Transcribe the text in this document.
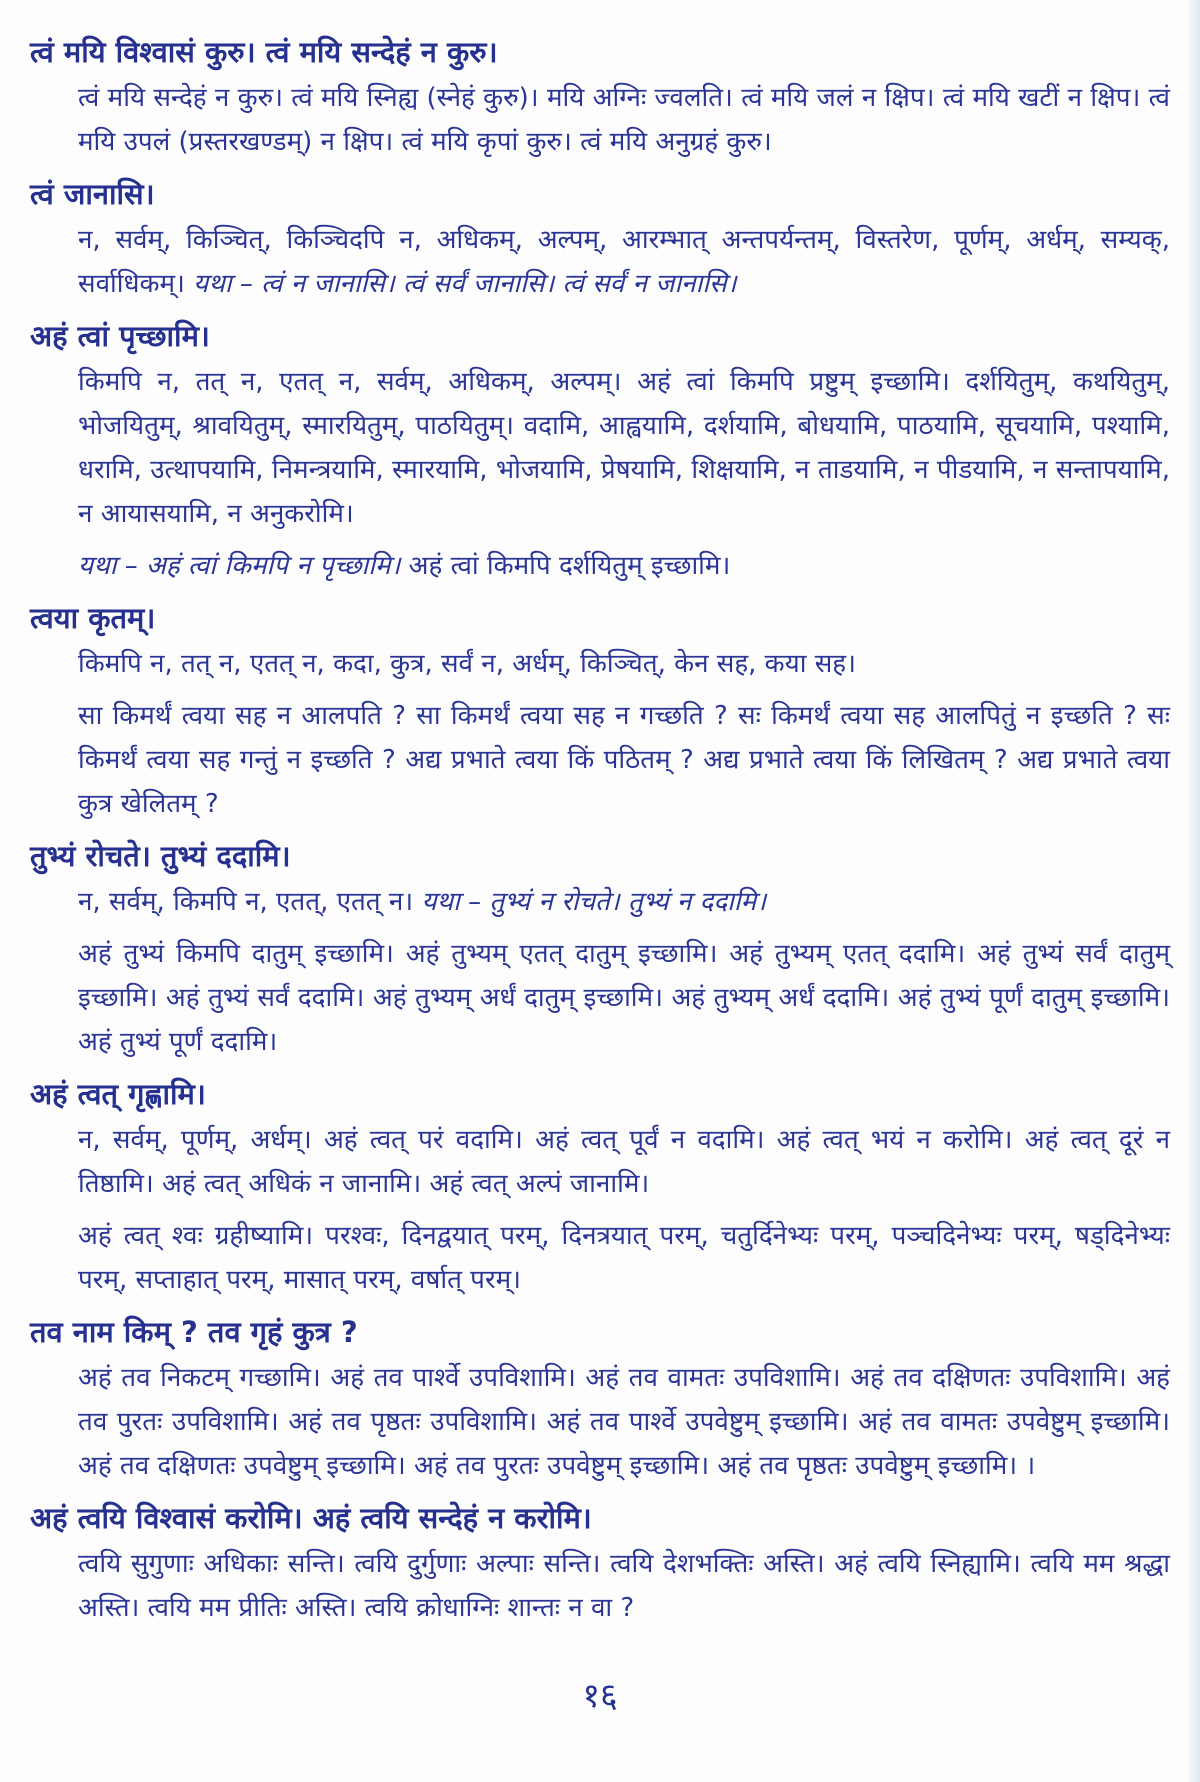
त्वं मयि विश्वासं कुरु। त्वं मयि सन्देहं न कुरु।
त्वं मयि सन्देहं न कुरु। त्वं मयि स्निह्य (स्नेहं कुरु)। मयि अग्निः ज्वलति। त्वं मयि जलं न क्षिप। त्वं मयि खटीं न क्षिप। त्वं मयि उपलं (प्रस्तरखण्डम्) न क्षिप। त्वं मयि कृपां कुरु। त्वं मयि अनुग्रहं कुरु।
त्वं जानासि।
न, सर्वम्, किञ्चित्, किञ्चिदपि न, अधिकम्, अल्पम्, आरम्भात् अन्तपर्यन्तम्, विस्तरेण, पूर्णम्, अर्धम्, सम्यक्, सर्वाधिकम्। यथा – त्वं न जानासि। त्वं सर्वं जानासि। त्वं सर्वं न जानासि।
अहं त्वां पृच्छामि।
किमपि न, तत् न, एतत् न, सर्वम्, अधिकम्, अल्पम्। अहं त्वां किमपि प्रष्टुम् इच्छामि। दर्शयितुम्, कथयितुम्, भोजयितुम्, श्रावयितुम्, स्मारयितुम्, पाठयितुम्। वदामि, आह्वयामि, दर्शयामि, बोधयामि, पाठयामि, सूचयामि, पश्यामि, धरामि, उत्थापयामि, निमन्त्रयामि, स्मारयामि, भोजयामि, प्रेषयामि, शिक्षयामि, न ताडयामि, न पीडयामि, न सन्तापयामि, न आयासयामि, न अनुकरोमि।
यथा – अहं त्वां किमपि न पृच्छामि। अहं त्वां किमपि दर्शयितुम् इच्छामि।
त्वया कृतम्।
किमपि न, तत् न, एतत् न, कदा, कुत्र, सर्वं न, अर्धम्, किञ्चित्, केन सह, कया सह।
सा किमर्थं त्वया सह न आलपति ? सा किमर्थं त्वया सह न गच्छति ? सः किमर्थं त्वया सह आलपितुं न इच्छति ? सः किमर्थं त्वया सह गन्तुं न इच्छति ? अद्य प्रभाते त्वया किं पठितम् ? अद्य प्रभाते त्वया किं लिखितम् ? अद्य प्रभाते त्वया कुत्र खेलितम् ?
तुभ्यं रोचते। तुभ्यं ददामि।
न, सर्वम्, किमपि न, एतत्, एतत् न। यथा – तुभ्यं न रोचते। तुभ्यं न ददामि।
अहं तुभ्यं किमपि दातुम् इच्छामि। अहं तुभ्यम् एतत् दातुम् इच्छामि। अहं तुभ्यम् एतत् ददामि। अहं तुभ्यं सर्वं दातुम् इच्छामि। अहं तुभ्यं सर्वं ददामि। अहं तुभ्यम् अर्धं दातुम् इच्छामि। अहं तुभ्यम् अर्धं ददामि। अहं तुभ्यं पूर्णं दातुम् इच्छामि। अहं तुभ्यं पूर्णं ददामि।
अहं त्वत् गृह्णामि।
न, सर्वम्, पूर्णम्, अर्धम्। अहं त्वत् परं वदामि। अहं त्वत् पूर्वं न वदामि। अहं त्वत् भयं न करोमि। अहं त्वत् दूरं न तिष्ठामि। अहं त्वत् अधिकं न जानामि। अहं त्वत् अल्पं जानामि।
अहं त्वत् श्वः ग्रहीष्यामि। परश्वः, दिनद्वयात् परम्, दिनत्रयात् परम्, चतुर्दिनेभ्यः परम्, पञ्चदिनेभ्यः परम्, षड्दिनेभ्यः परम्, सप्ताहात् परम्, मासात् परम्, वर्षात् परम्।
तव नाम किम् ? तव गृहं कुत्र ?
अहं तव निकटम् गच्छामि। अहं तव पार्श्वे उपविशामि। अहं तव वामतः उपविशामि। अहं तव दक्षिणतः उपविशामि। अहं तव पुरतः उपविशामि। अहं तव पृष्ठतः उपविशामि। अहं तव पार्श्वे उपवेष्टुम् इच्छामि। अहं तव वामतः उपवेष्टुम् इच्छामि। अहं तव दक्षिणतः उपवेष्टुम् इच्छामि। अहं तव पुरतः उपवेष्टुम् इच्छामि। अहं तव पृष्ठतः उपवेष्टुम् इच्छामि। ।
अहं त्वयि विश्वासं करोमि। अहं त्वयि सन्देहं न करोमि।
त्वयि सुगुणाः अधिकाः सन्ति। त्वयि दुर्गुणाः अल्पाः सन्ति। त्वयि देशभक्तिः अस्ति। अहं त्वयि स्निह्यामि। त्वयि मम श्रद्धा अस्ति। त्वयि मम प्रीतिः अस्ति। त्वयि क्रोधाग्निः शान्तः न वा ?
१६
